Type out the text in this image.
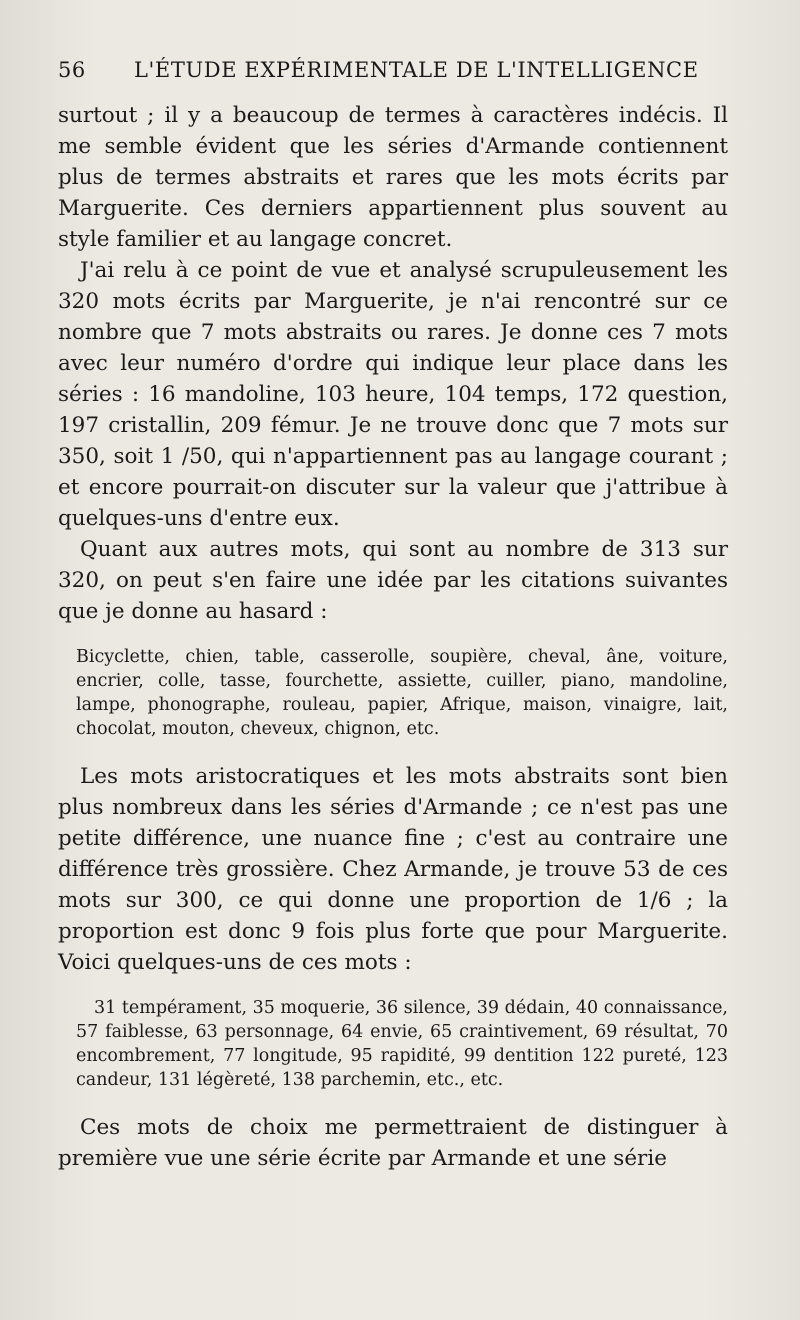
56	L'ÉTUDE EXPÉRIMENTALE DE L'INTELLIGENCE

surtout ; il y a beaucoup de termes à caractères indécis. Il me semble évident que les séries d'Armande contiennent plus de termes abstraits et rares que les mots écrits par Marguerite. Ces derniers appartiennent plus souvent au style familier et au langage concret.

J'ai relu à ce point de vue et analysé scrupuleusement les 320 mots écrits par Marguerite, je n'ai rencontré sur ce nombre que 7 mots abstraits ou rares. Je donne ces 7 mots avec leur numéro d'ordre qui indique leur place dans les séries : 16 mandoline, 103 heure, 104 temps, 172 question, 197 cristallin, 209 fémur. Je ne trouve donc que 7 mots sur 350, soit 1 /50, qui n'appartiennent pas au langage courant ; et encore pourrait-on discuter sur la valeur que j'attribue à quelques-uns d'entre eux.

Quant aux autres mots, qui sont au nombre de 313 sur 320, on peut s'en faire une idée par les citations suivantes que je donne au hasard :

Bicyclette, chien, table, casserolle, soupière, cheval, âne, voiture, encrier, colle, tasse, fourchette, assiette, cuiller, piano, mandoline, lampe, phonographe, rouleau, papier, Afrique, maison, vinaigre, lait, chocolat, mouton, cheveux, chignon, etc.

Les mots aristocratiques et les mots abstraits sont bien plus nombreux dans les séries d'Armande ; ce n'est pas une petite différence, une nuance fine ; c'est au contraire une différence très grossière. Chez Armande, je trouve 53 de ces mots sur 300, ce qui donne une proportion de 1/6 ; la proportion est donc 9 fois plus forte que pour Marguerite. Voici quelques-uns de ces mots :

31 tempérament, 35 moquerie, 36 silence, 39 dédain, 40 connaissance, 57 faiblesse, 63 personnage, 64 envie, 65 craintivement, 69 résultat, 70 encombrement, 77 longitude, 95 rapidité, 99 dentition 122 pureté, 123 candeur, 131 légèreté, 138 parchemin, etc., etc.

Ces mots de choix me permettraient de distinguer à première vue une série écrite par Armande et une série
